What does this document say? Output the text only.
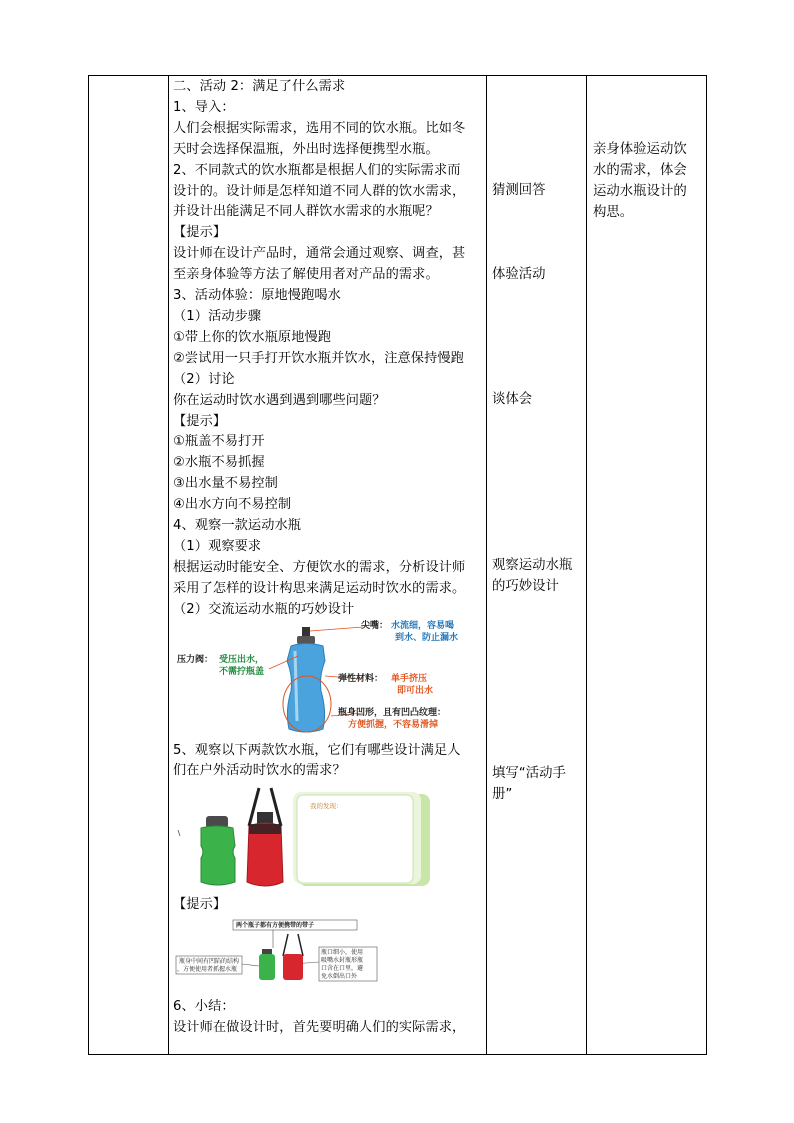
二、活动 2：满足了什么需求
1、导入：
人们会根据实际需求，选用不同的饮水瓶。比如冬
天时会选择保温瓶，外出时选择便携型水瓶。
2、不同款式的饮水瓶都是根据人们的实际需求而
设计的。设计师是怎样知道不同人群的饮水需求，
并设计出能满足不同人群饮水需求的水瓶呢？
【提示】
设计师在设计产品时，通常会通过观察、调查，甚
至亲身体验等方法了解使用者对产品的需求。
3、活动体验：原地慢跑喝水
（1）活动步骤
①带上你的饮水瓶原地慢跑
②尝试用一只手打开饮水瓶并饮水，注意保持慢跑
（2）讨论
你在运动时饮水遇到遇到哪些问题？
【提示】
①瓶盖不易打开
②水瓶不易抓握
③出水量不易控制
④出水方向不易控制
4、观察一款运动水瓶
（1）观察要求
根据运动时能安全、方便饮水的需求，分析设计师
采用了怎样的设计构思来满足运动时饮水的需求。
（2）交流运动水瓶的巧妙设计
尖嘴： 水流细，容易喝
到水、防止漏水
压力阀： 受压出水，
不需拧瓶盖
弹性材料： 单手挤压
即可出水
瓶身凹形，且有凹凸纹理：
方便抓握，不容易滑掉
5、观察以下两款饮水瓶，它们有哪些设计满足人
们在户外活动时饮水的需求？
我的发现：
【提示】
两个瓶子都有方便携带的带子
瓶身中间有凹陷的结构
，方便使用者抓握水瓶
瓶口细小，使用
吸嘴水封瓶形瓶
口含在口里，避
免水倒出口外
6、小结：
设计师在做设计时，首先要明确人们的实际需求，
猜测回答
体验活动
谈体会
观察运动水瓶
的巧妙设计
填写“活动手
册”
亲身体验运动饮
水的需求，体会
运动水瓶设计的
构思。
